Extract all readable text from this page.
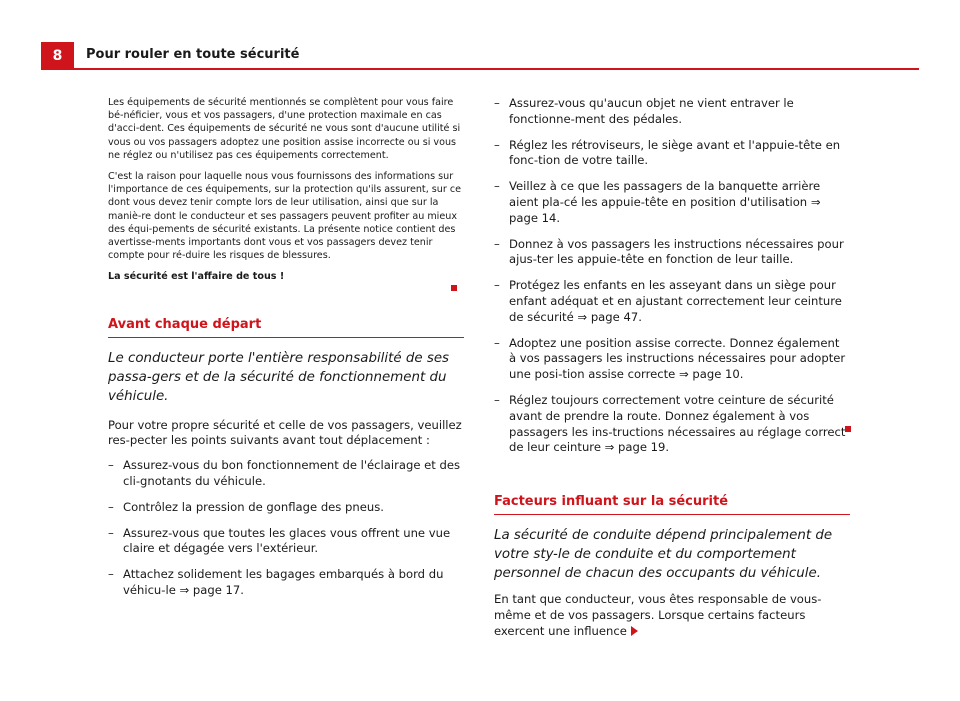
8	Pour rouler en toute sécurité

Les équipements de sécurité mentionnés se complètent pour vous faire bé-néficier, vous et vos passagers, d'une protection maximale en cas d'acci-dent. Ces équipements de sécurité ne vous sont d'aucune utilité si vous ou vos passagers adoptez une position assise incorrecte ou si vous ne réglez ou n'utilisez pas ces équipements correctement.

C'est la raison pour laquelle nous vous fournissons des informations sur l'importance de ces équipements, sur la protection qu'ils assurent, sur ce dont vous devez tenir compte lors de leur utilisation, ainsi que sur la maniè-re dont le conducteur et ses passagers peuvent profiter au mieux des équi-pements de sécurité existants. La présente notice contient des avertisse-ments importants dont vous et vos passagers devez tenir compte pour ré-duire les risques de blessures.

La sécurité est l'affaire de tous !

Avant chaque départ

Le conducteur porte l'entière responsabilité de ses passa-gers et de la sécurité de fonctionnement du véhicule.

Pour votre propre sécurité et celle de vos passagers, veuillez res-pecter les points suivants avant tout déplacement :

– Assurez-vous du bon fonctionnement de l'éclairage et des cli-gnotants du véhicule.
– Contrôlez la pression de gonflage des pneus.
– Assurez-vous que toutes les glaces vous offrent une vue claire et dégagée vers l'extérieur.
– Attachez solidement les bagages embarqués à bord du véhicu-le ⇒ page 17.
– Assurez-vous qu'aucun objet ne vient entraver le fonctionne-ment des pédales.
– Réglez les rétroviseurs, le siège avant et l'appuie-tête en fonc-tion de votre taille.
– Veillez à ce que les passagers de la banquette arrière aient pla-cé les appuie-tête en position d'utilisation ⇒ page 14.
– Donnez à vos passagers les instructions nécessaires pour ajus-ter les appuie-tête en fonction de leur taille.
– Protégez les enfants en les asseyant dans un siège pour enfant adéquat et en ajustant correctement leur ceinture de sécurité ⇒ page 47.
– Adoptez une position assise correcte. Donnez également à vos passagers les instructions nécessaires pour adopter une posi-tion assise correcte ⇒ page 10.
– Réglez toujours correctement votre ceinture de sécurité avant de prendre la route. Donnez également à vos passagers les ins-tructions nécessaires au réglage correct de leur ceinture ⇒ page 19.
Facteurs influant sur la sécurité

La sécurité de conduite dépend principalement de votre sty-le de conduite et du comportement personnel de chacun des occupants du véhicule.

En tant que conducteur, vous êtes responsable de vous-même et de vos passagers. Lorsque certains facteurs exercent une influence
